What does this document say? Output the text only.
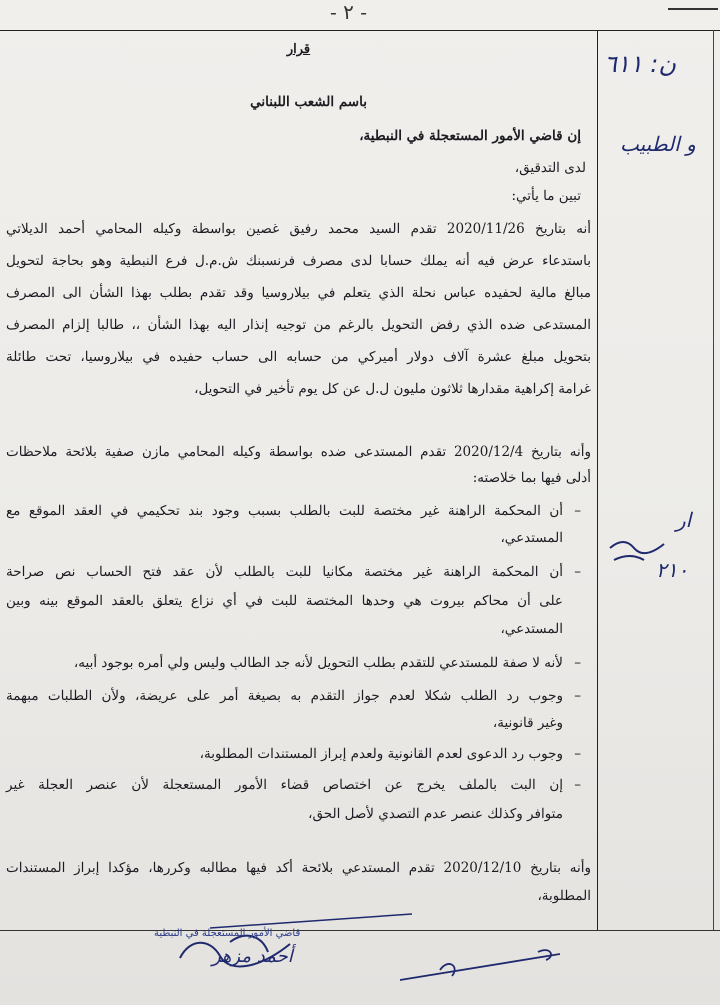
- ٢ -
قرار
باسم الشعب اللبناني
إن قاضي الأمور المستعجلة في النبطية،
لدى التدقيق،
تبين ما يأتي:
أنه بتاريخ 2020/11/26 تقدم السيد محمد رفيق غصين بواسطة وكيله المحامي أحمد الديلاتي
باستدعاء عرض فيه أنه يملك حسابا لدى مصرف فرنسبنك ش.م.ل فرع النبطية وهو بحاجة لتحويل
مبالغ مالية لحفيده عباس نحلة الذي يتعلم في بيلاروسيا وقد تقدم بطلب بهذا الشأن الى المصرف
المستدعى ضده الذي رفض التحويل بالرغم من توجيه إنذار اليه بهذا الشأن ،، طالبا إلزام المصرف
بتحويل مبلغ عشرة آلاف دولار أميركي من حسابه الى حساب حفيده في بيلاروسيا، تحت طائلة
غرامة إكراهية مقدارها ثلاثون مليون ل.ل عن كل يوم تأخير في التحويل،
وأنه بتاريخ 2020/12/4 تقدم المستدعى ضده بواسطة وكيله المحامي مازن صفية بلائحة ملاحظات
أدلى فيها بما خلاصته:
أن المحكمة الراهنة غير مختصة للبت بالطلب بسبب وجود بند تحكيمي في العقد الموقع مع –
المستدعي،
أن المحكمة الراهنة غير مختصة مكانيا للبت بالطلب لأن عقد فتح الحساب نص صراحة –
على أن محاكم بيروت هي وحدها المختصة للبت في أي نزاع يتعلق بالعقد الموقع بينه وبين
المستدعي،
لأنه لا صفة للمستدعي للتقدم بطلب التحويل لأنه جد الطالب وليس ولي أمره بوجود أبيه، –
وجوب رد الطلب شكلا لعدم جواز التقدم به بصيغة أمر على عريضة، ولأن الطلبات مبهمة –
وغير قانونية،
وجوب رد الدعوى لعدم القانونية ولعدم إبراز المستندات المطلوبة، –
إن البت بالملف يخرج عن اختصاص قضاء الأمور المستعجلة لأن عنصر العجلة غير –
متوافر وكذلك عنصر عدم التصدي لأصل الحق،
وأنه بتاريخ 2020/12/10 تقدم المستدعي بلائحة أكد فيها مطالبه وكررها، مؤكدا إبراز المستندات
المطلوبة،
ن: ٦١١
و الطبيب
ار
٢١٠
قاضي الأمور المستعجلة في النبطية
أحمد مزهر
